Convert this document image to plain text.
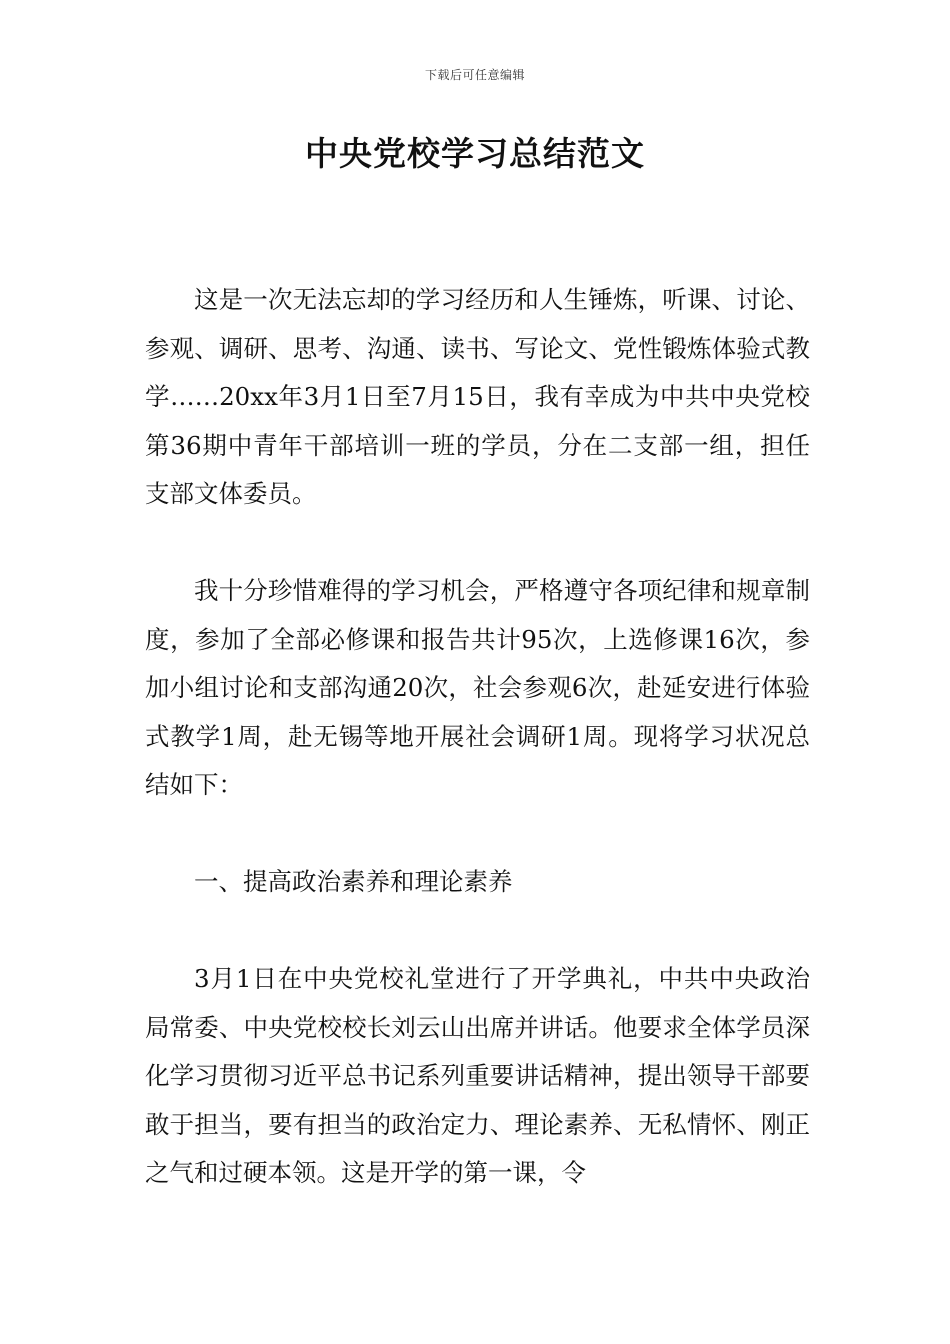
下载后可任意编辑
中央党校学习总结范文

这是一次无法忘却的学习经历和人生锤炼，听课、讨论、参观、调研、思考、沟通、读书、写论文、党性锻炼体验式教学……20xx年3月1日至7月15日，我有幸成为中共中央党校第36期中青年干部培训一班的学员，分在二支部一组，担任支部文体委员。

我十分珍惜难得的学习机会，严格遵守各项纪律和规章制度，参加了全部必修课和报告共计95次，上选修课16次，参加小组讨论和支部沟通20次，社会参观6次，赴延安进行体验式教学1周，赴无锡等地开展社会调研1周。现将学习状况总结如下：

一、提高政治素养和理论素养

3月1日在中央党校礼堂进行了开学典礼，中共中央政治局常委、中央党校校长刘云山出席并讲话。他要求全体学员深化学习贯彻习近平总书记系列重要讲话精神，提出领导干部要敢于担当，要有担当的政治定力、理论素养、无私情怀、刚正之气和过硬本领。这是开学的第一课，令
